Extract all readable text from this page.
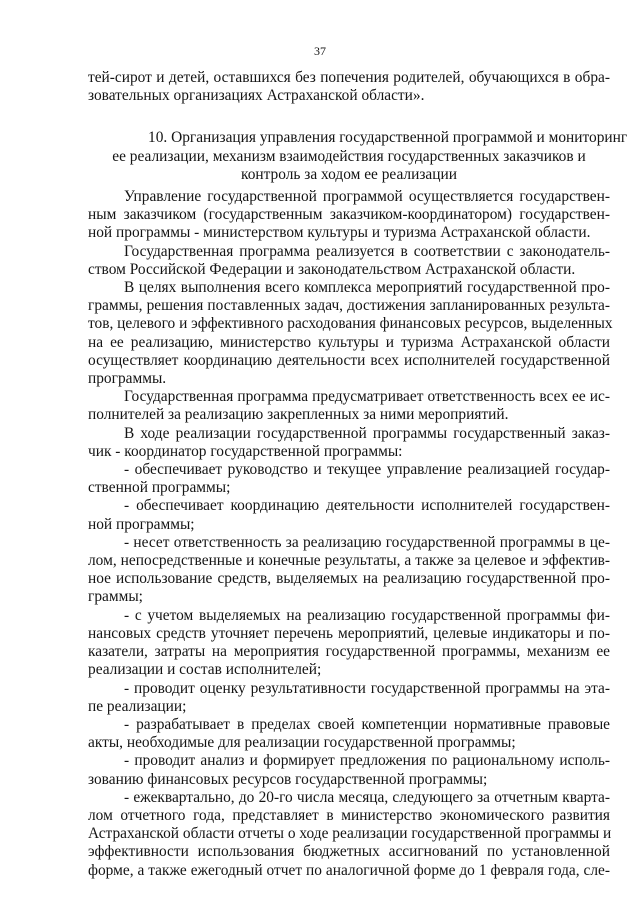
37
тей-сирот и детей, оставшихся без попечения родителей, обучающихся в обра-
зовательных организациях Астраханской области».
10. Организация управления государственной программой и мониторинг
ее реализации, механизм взаимодействия государственных заказчиков и
контроль за ходом ее реализации
Управление государственной программой осуществляется государствен-
ным заказчиком (государственным заказчиком-координатором) государствен-
ной программы - министерством культуры и туризма Астраханской области.
Государственная программа реализуется в соответствии с законодатель-
ством Российской Федерации и законодательством Астраханской области.
В целях выполнения всего комплекса мероприятий государственной про-
граммы, решения поставленных задач, достижения запланированных результа-
тов, целевого и эффективного расходования финансовых ресурсов, выделенных
на ее реализацию, министерство культуры и туризма Астраханской области
осуществляет координацию деятельности всех исполнителей государственной
программы.
Государственная программа предусматривает ответственность всех ее ис-
полнителей за реализацию закрепленных за ними мероприятий.
В ходе реализации государственной программы государственный заказ-
чик - координатор государственной программы:
- обеспечивает руководство и текущее управление реализацией государ-
ственной программы;
- обеспечивает координацию деятельности исполнителей государствен-
ной программы;
- несет ответственность за реализацию государственной программы в це-
лом, непосредственные и конечные результаты, а также за целевое и эффектив-
ное использование средств, выделяемых на реализацию государственной про-
граммы;
- с учетом выделяемых на реализацию государственной программы фи-
нансовых средств уточняет перечень мероприятий, целевые индикаторы и по-
казатели, затраты на мероприятия государственной программы, механизм ее
реализации и состав исполнителей;
- проводит оценку результативности государственной программы на эта-
пе реализации;
- разрабатывает в пределах своей компетенции нормативные правовые
акты, необходимые для реализации государственной программы;
- проводит анализ и формирует предложения по рациональному исполь-
зованию финансовых ресурсов государственной программы;
- ежеквартально, до 20-го числа месяца, следующего за отчетным кварта-
лом отчетного года, представляет в министерство экономического развития
Астраханской области отчеты о ходе реализации государственной программы и
эффективности использования бюджетных ассигнований по установленной
форме, а также ежегодный отчет по аналогичной форме до 1 февраля года, сле-
